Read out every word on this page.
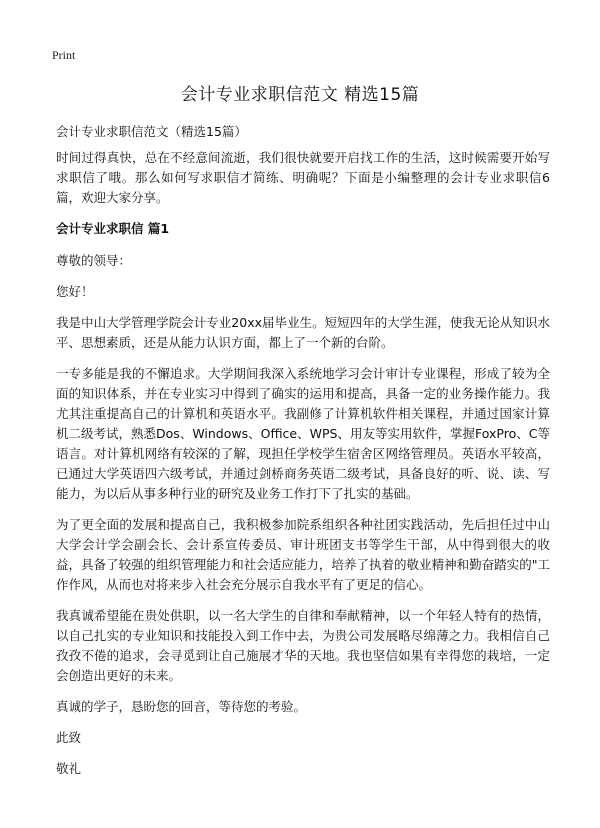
Print
会计专业求职信范文 精选15篇
会计专业求职信范文（精选15篇）

时间过得真快，总在不经意间流逝，我们很快就要开启找工作的生活，这时候需要开始写求职信了哦。那么如何写求职信才简练、明确呢？下面是小编整理的会计专业求职信6篇，欢迎大家分享。

会计专业求职信 篇1

尊敬的领导：

您好！

我是中山大学管理学院会计专业20xx届毕业生。短短四年的大学生涯，使我无论从知识水平、思想素质，还是从能力认识方面，都上了一个新的台阶。

一专多能是我的不懈追求。大学期间我深入系统地学习会计审计专业课程，形成了较为全面的知识体系，并在专业实习中得到了确实的运用和提高，具备一定的业务操作能力。我尤其注重提高自己的计算机和英语水平。我副修了计算机软件相关课程，并通过国家计算机二级考试，熟悉Dos、Windows、Office、WPS、用友等实用软件，掌握FoxPro、C等语言。对计算机网络有较深的了解，现担任学校学生宿舍区网络管理员。英语水平较高，已通过大学英语四六级考试，并通过剑桥商务英语二级考试，具备良好的听、说、读、写能力，为以后从事多种行业的研究及业务工作打下了扎实的基础。

为了更全面的发展和提高自己，我积极参加院系组织各种社团实践活动，先后担任过中山大学会计学会副会长、会计系宣传委员、审计班团支书等学生干部，从中得到很大的收益，具备了较强的组织管理能力和社会适应能力，培养了执着的敬业精神和勤奋踏实的"工作作风，从而也对将来步入社会充分展示自我水平有了更足的信心。

我真诚希望能在贵处供职，以一名大学生的自律和奉献精神，以一个年轻人特有的热情，以自己扎实的专业知识和技能投入到工作中去，为贵公司发展略尽绵薄之力。我相信自己孜孜不倦的追求，会寻觅到让自己施展才华的天地。我也坚信如果有幸得您的栽培，一定会创造出更好的未来。

真诚的学子，恳盼您的回音，等待您的考验。

此致

敬礼
